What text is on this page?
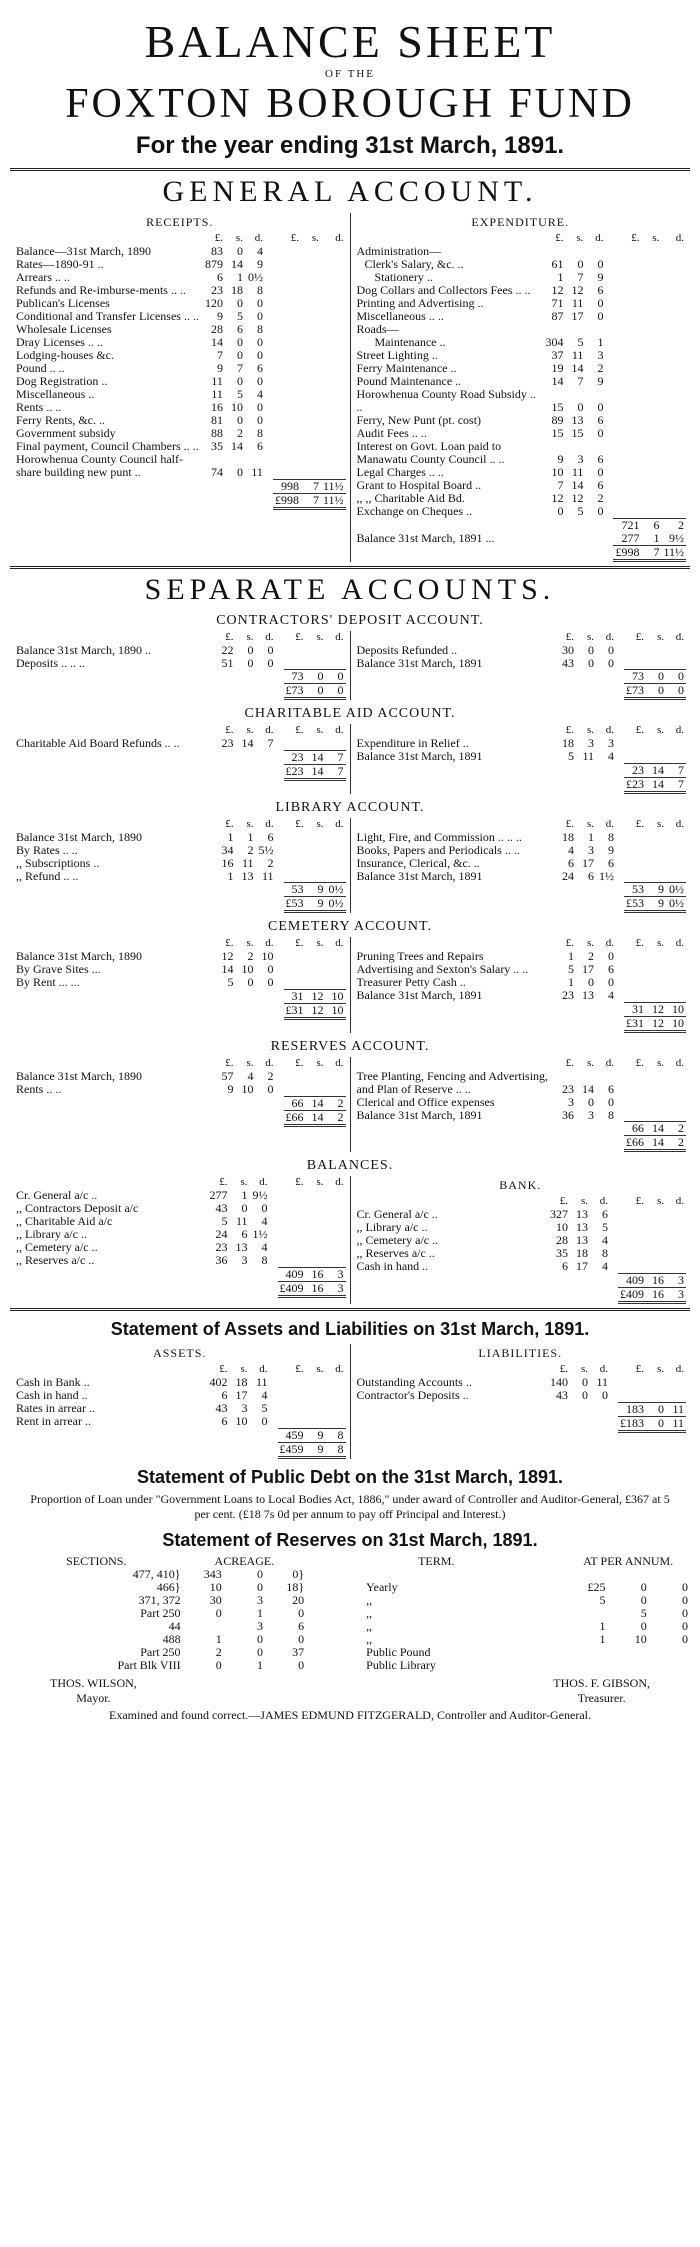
BALANCE SHEET
OF THE
FOXTON BOROUGH FUND
For the year ending 31st March, 1891.
GENERAL ACCOUNT.
RECEIPTS.
	£.	s.	d.		£.	s.	d.
Balance—31st March, 1890	83	0	4				
Rates—1890-91 ..	879	14	9				
Arrears .. ..	6	1	0½				
Refunds and Re-imburse-ments .. ..	23	18	8				
Publican's Licenses	120	0	0				
Conditional and Transfer Licenses .. ..	9	5	0				
Wholesale Licenses	28	6	8				
Dray Licenses .. ..	14	0	0				
Lodging-houses &c.	7	0	0				
Pound .. ..	9	7	6				
Dog Registration ..	11	0	0				
Miscellaneous ..	11	5	4				
Rents .. ..	16	10	0				
Ferry Rents, &c. ..	81	0	0				
Government subsidy	88	2	8				
Final payment, Council Chambers .. ..	35	14	6				
Horowhenua County Council half-share building new punt ..	74	0	11				

					998	7	11½
					£998	7	11½
EXPENDITURE.
	£.	s.	d.		£.	s.	d.
Administration—							
Clerk's Salary, &c. ..	61	0	0				
Stationery ..	1	7	9				
Dog Collars and Collectors Fees .. ..	12	12	6				
Printing and Advertising ..	71	11	0				
Miscellaneous .. ..	87	17	0				
Roads—							
Maintenance ..	304	5	1				
Street Lighting ..	37	11	3				
Ferry Maintenance ..	19	14	2				
Pound Maintenance ..	14	7	9				
Horowhenua County Road Subsidy .. ..	15	0	0				
Ferry, New Punt (pt. cost)	89	13	6				
Audit Fees .. ..	15	15	0				
Interest on Govt. Loan paid to Manawatu County Council .. ..	9	3	6				
Legal Charges .. ..	10	11	0				
Grant to Hospital Board ..	7	14	6				
,, ,, Charitable Aid Bd.	12	12	2				
Exchange on Cheques ..	0	5	0				
					721	6	2
Balance 31st March, 1891 ...					277	1	9½
					£998	7	11½
SEPARATE ACCOUNTS.
CONTRACTORS' DEPOSIT ACCOUNT.
	£.	s.	d.		£.	s.	d.
Balance 31st March, 1890 ..	22	0	0				
Deposits .. .. ..	51	0	0				
					73	0	0
					£73	0	0
	£.	s.	d.		£.	s.	d.
Deposits Refunded ..	30	0	0				
Balance 31st March, 1891	43	0	0				
					73	0	0
					£73	0	0
CHARITABLE AID ACCOUNT.
	£.	s.	d.		£.	s.	d.
Charitable Aid Board Refunds .. ..	23	14	7				

					23	14	7
					£23	14	7
	£.	s.	d.		£.	s.	d.
Expenditure in Relief ..	18	3	3				
Balance 31st March, 1891	5	11	4				
					23	14	7
					£23	14	7
LIBRARY ACCOUNT.
	£.	s.	d.		£.	s.	d.
Balance 31st March, 1890	1	1	6				
By Rates .. ..	34	2	5½				
,, Subscriptions ..	16	11	2				
,, Refund .. ..	1	13	11				
					53	9	0½
					£53	9	0½
	£.	s.	d.		£.	s.	d.
Light, Fire, and Commission .. .. ..	18	1	8				
Books, Papers and Periodicals .. ..	4	3	9				
Insurance, Clerical, &c. ..	6	17	6				
Balance 31st March, 1891	24	6	1½				
					53	9	0½
					£53	9	0½
CEMETERY ACCOUNT.
	£.	s.	d.		£.	s.	d.
Balance 31st March, 1890	12	2	10				
By Grave Sites ...	14	10	0				
By Rent ... ...	5	0	0				

					31	12	10
					£31	12	10
	£.	s.	d.		£.	s.	d.
Pruning Trees and Repairs	1	2	0				
Advertising and Sexton's Salary .. ..	5	17	6				
Treasurer Petty Cash ..	1	0	0				
Balance 31st March, 1891	23	13	4				
					31	12	10
					£31	12	10
RESERVES ACCOUNT.
	£.	s.	d.		£.	s.	d.
Balance 31st March, 1890	57	4	2				
Rents .. ..	9	10	0				

					66	14	2
					£66	14	2
	£.	s.	d.		£.	s.	d.
Tree Planting, Fencing and Advertising, and Plan of Reserve .. ..	23	14	6				
Clerical and Office expenses	3	0	0				
Balance 31st March, 1891	36	3	8				
					66	14	2
					£66	14	2
BALANCES.
	£.	s.	d.		£.	s.	d.
Cr. General a/c ..	277	1	9½				
,, Contractors Deposit a/c	43	0	0				
,, Charitable Aid a/c	5	11	4				
,, Library a/c ..	24	6	1½				
,, Cemetery a/c ..	23	13	4				
,, Reserves a/c ..	36	3	8				
					409	16	3
					£409	16	3
BANK.
	£.	s.	d.		£.	s.	d.
Cr. General a/c ..	327	13	6				
,, Library a/c ..	10	13	5				
,, Cemetery a/c ..	28	13	4				
,, Reserves a/c ..	35	18	8				
Cash in hand ..	6	17	4				

					409	16	3
					£409	16	3
Statement of Assets and Liabilities on 31st March, 1891.
ASSETS.
	£.	s.	d.		£.	s.	d.
Cash in Bank ..	402	18	11				
Cash in hand ..	6	17	4				
Rates in arrear ..	43	3	5				
Rent in arrear ..	6	10	0				
					459	9	8
					£459	9	8
LIABILITIES.
	£.	s.	d.		£.	s.	d.
Outstanding Accounts ..	140	0	11				
Contractor's Deposits ..	43	0	0				

					183	0	11
					£183	0	11
Statement of Public Debt on the 31st March, 1891.
Proportion of Loan under "Government Loans to Local Bodies Act, 1886," under award of Controller and Auditor-General, £367 at 5 per cent. (£18 7s 0d per annum to pay off Principal and Interest.)
Statement of Reserves on 31st March, 1891.
SECTIONS.	ACREAGE.			TERM.	AT PER ANNUM.		
477, 410}	343	0	0}				
466}	10	0	18}	Yearly	£25	0	0
371, 372	30	3	20	,,	5	0	0
Part 250	0	1	0	,,		5	0
44		3	6	,,	1	0	0
488	1	0	0	,,	1	10	0
Part 250	2	0	37	Public Pound			
Part Blk VIII	0	1	0	Public Library			
THOS. WILSON,
Mayor.
THOS. F. GIBSON,
Treasurer.
Examined and found correct.—JAMES EDMUND FITZGERALD, Controller and Auditor-General.
